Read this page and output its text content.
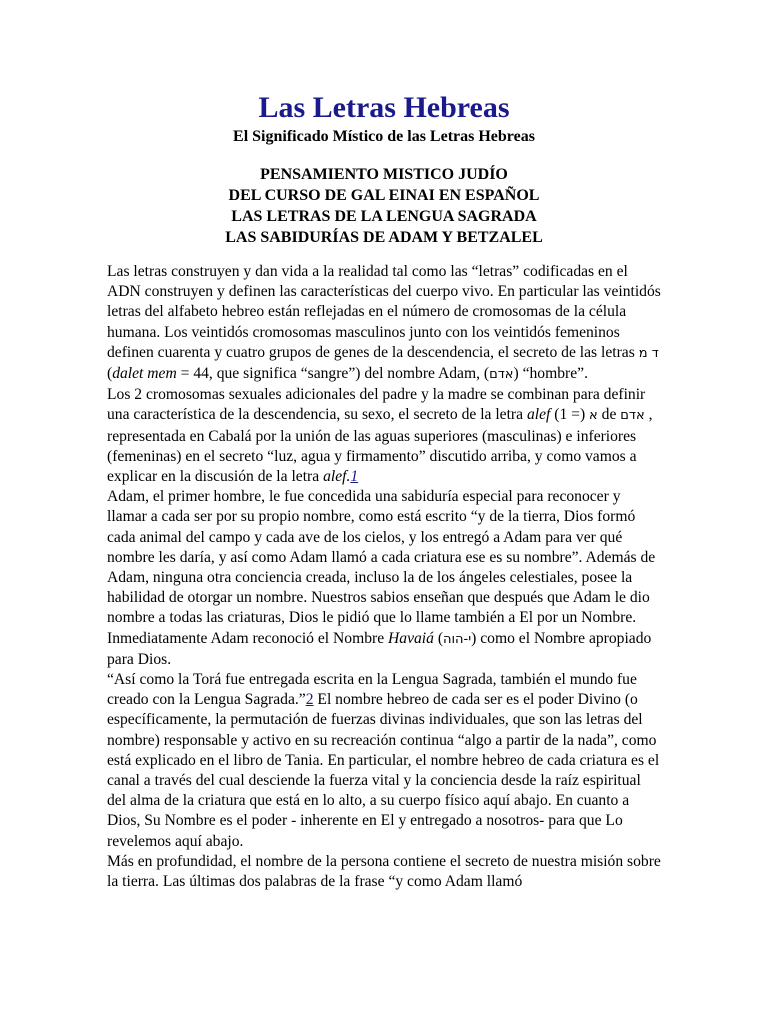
Las Letras Hebreas
El Significado Místico de las Letras Hebreas
PENSAMIENTO MISTICO JUDÍO
DEL CURSO DE GAL EINAI EN ESPAÑOL
LAS LETRAS DE LA LENGUA SAGRADA
LAS SABIDURÍAS DE ADAM Y BETZALEL

Las letras construyen y dan vida a la realidad tal como las “letras” codificadas en el ADN construyen y definen las características del cuerpo vivo. En particular las veintidós letras del alfabeto hebreo están reflejadas en el número de cromosomas de la célula humana. Los veintidós cromosomas masculinos junto con los veintidós femeninos definen cuarenta y cuatro grupos de genes de la descendencia, el secreto de las letras ד מ (dalet mem = 44, que significa “sangre”) del nombre Adam, (אדם) “hombre”.

Los 2 cromosomas sexuales adicionales del padre y la madre se combinan para definir una característica de la descendencia, su sexo, el secreto de la letra alef	א (= 1) de אדם , representada en Cabalá por la unión de las aguas superiores (masculinas) e inferiores (femeninas) en el secreto “luz, agua y firmamento” discutido arriba, y como vamos a explicar en la discusión de la letra alef.1

Adam, el primer hombre, le fue concedida una sabiduría especial para reconocer y llamar a cada ser por su propio nombre, como está escrito “y de la tierra, Dios formó cada animal del campo y cada ave de los cielos, y los entregó a Adam para ver qué nombre les daría, y así como Adam llamó a cada criatura ese es su nombre”. Además de Adam, ninguna otra conciencia creada, incluso la de los ángeles celestiales, posee la habilidad de otorgar un nombre. Nuestros sabios enseñan que después que Adam le dio nombre a todas las criaturas, Dios le pidió que lo llame también a El por un Nombre. Inmediatamente Adam reconoció el Nombre Havaiá (י-הוה) como el Nombre apropiado para Dios.

“Así como la Torá fue entregada escrita en la Lengua Sagrada, también el mundo fue creado con la Lengua Sagrada.”2 El nombre hebreo de cada ser es el poder Divino (o específicamente, la permutación de fuerzas divinas individuales, que son las letras del nombre) responsable y activo en su recreación continua “algo a partir de la nada”, como está explicado en el libro de Tania. En particular, el nombre hebreo de cada criatura es el canal a través del cual desciende la fuerza vital y la conciencia desde la raíz espiritual del alma de la criatura que está en lo alto, a su cuerpo físico aquí abajo. En cuanto a Dios, Su Nombre es el poder - inherente en El y entregado a nosotros- para que Lo revelemos aquí abajo.

Más en profundidad, el nombre de la persona contiene el secreto de nuestra misión sobre la tierra. Las últimas dos palabras de la frase “y como Adam llamó
